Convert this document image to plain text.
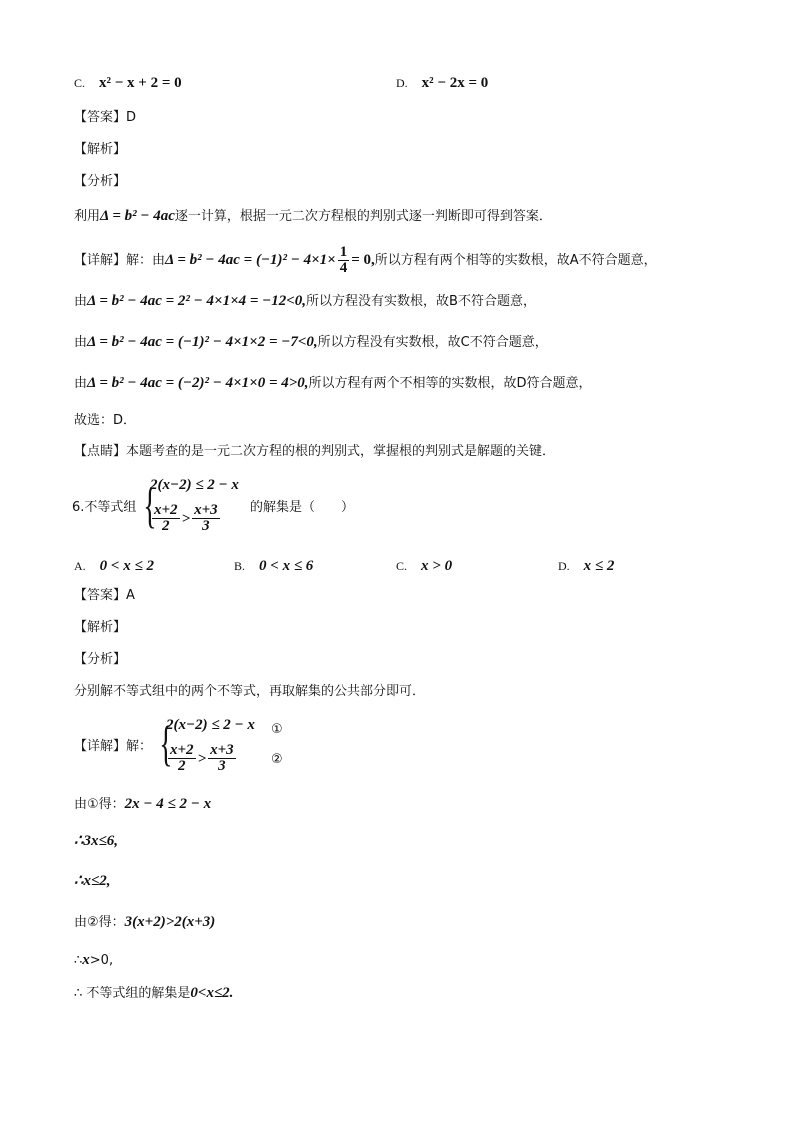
C. x² − x + 2 = 0	D. x² − 2x = 0
【答案】D
【解析】
【分析】
利用Δ = b² − 4ac逐一计算，根据一元二次方程根的判别式逐一判断即可得到答案．
【详解】解：由$\Delta = b^2 - 4ac = (-1)^2 - 4\times 1\times \frac{1}{4} = 0$,所以方程有两个相等的实数根，故A不符合题意，
由Δ = b² − 4ac = 2² − 4×1×4 = −12<0,所以方程没有实数根，故B不符合题意，
由Δ = b² − 4ac = (−1)² − 4×1×2 = −7<0,所以方程没有实数根，故C不符合题意，
由Δ = b² − 4ac = (−2)² − 4×1×0 = 4>0,所以方程有两个不相等的实数根，故D符合题意，
故选：D．
【点睛】本题考查的是一元二次方程的根的判别式，掌握根的判别式是解题的关键．
6.不等式组 {
2(x−2) ≤ 2 − x
$\frac{x+2}{2} > \frac{x+3}{3}$ 的解集是（　　）
A. 0 < x ≤ 2	B. 0 < x ≤ 6	C. x > 0	D. x ≤ 2
【答案】A
【解析】
【分析】
分别解不等式组中的两个不等式，再取解集的公共部分即可．
【详解】解： {
2(x−2) ≤ 2 − x ①
$\frac{x+2}{2} > \frac{x+3}{3}$	②
由①得：2x − 4 ≤ 2 − x
∴3x≤6,
∴x≤2,
由②得：3(x+2)>2(x+3)
∴x>0,
∴ 不等式组的解集是0<x≤2.
